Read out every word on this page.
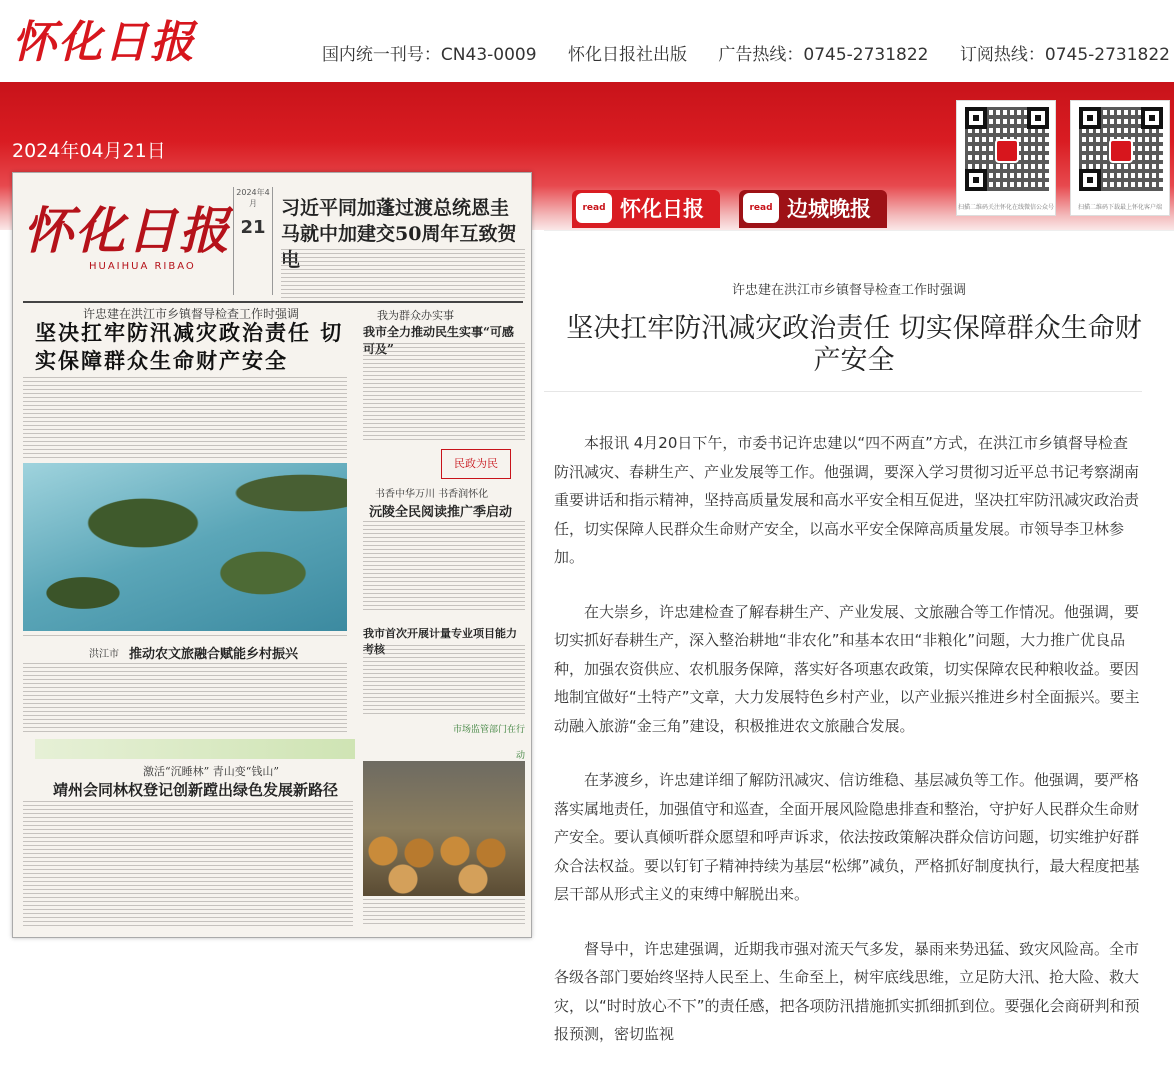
怀化日报	国内统一刊号：CN43-0009 怀化日报社出版 广告热线：0745-2731822 订阅热线：0745-2731822
2024年04月21日
扫描二维码关注怀化在线微信公众号	扫描二维码下载最上怀化客户端
read 怀化日报	read 边城晚报
怀化日报
HUAIHUA RIBAO
2024年4月
21
习近平同加蓬过渡总统恩圭马就中加建交50周年互致贺电
许忠建在洪江市乡镇督导检查工作时强调
坚决扛牢防汛减灾政治责任 切实保障群众生命财产安全
我为群众办实事
我市全力推动民生实事“可感可及”
民政为民
书香中华万川 书香润怀化
沅陵全民阅读推广季启动
洪江市 推动农文旅融合赋能乡村振兴
我市首次开展计量专业项目能力考核
市场监管部门在行动
激活“沉睡林” 青山变“钱山”
靖州会同林权登记创新蹚出绿色发展新路径
许忠建在洪江市乡镇督导检查工作时强调
坚决扛牢防汛减灾政治责任 切实保障群众生命财产安全

本报讯 4月20日下午，市委书记许忠建以“四不两直”方式，在洪江市乡镇督导检查防汛减灾、春耕生产、产业发展等工作。他强调，要深入学习贯彻习近平总书记考察湖南重要讲话和指示精神，坚持高质量发展和高水平安全相互促进，坚决扛牢防汛减灾政治责任，切实保障人民群众生命财产安全，以高水平安全保障高质量发展。市领导李卫林参加。

在大崇乡，许忠建检查了解春耕生产、产业发展、文旅融合等工作情况。他强调，要切实抓好春耕生产，深入整治耕地“非农化”和基本农田“非粮化”问题，大力推广优良品种，加强农资供应、农机服务保障，落实好各项惠农政策，切实保障农民种粮收益。要因地制宜做好“土特产”文章，大力发展特色乡村产业，以产业振兴推进乡村全面振兴。要主动融入旅游“金三角”建设，积极推进农文旅融合发展。

在茅渡乡，许忠建详细了解防汛减灾、信访维稳、基层减负等工作。他强调，要严格落实属地责任，加强值守和巡查，全面开展风险隐患排查和整治，守护好人民群众生命财产安全。要认真倾听群众愿望和呼声诉求，依法按政策解决群众信访问题，切实维护好群众合法权益。要以钉钉子精神持续为基层“松绑”减负，严格抓好制度执行，最大程度把基层干部从形式主义的束缚中解脱出来。

督导中，许忠建强调，近期我市强对流天气多发，暴雨来势迅猛、致灾风险高。全市各级各部门要始终坚持人民至上、生命至上，树牢底线思维，立足防大汛、抢大险、救大灾，以“时时放心不下”的责任感，把各项防汛措施抓实抓细抓到位。要强化会商研判和预报预测，密切监视
